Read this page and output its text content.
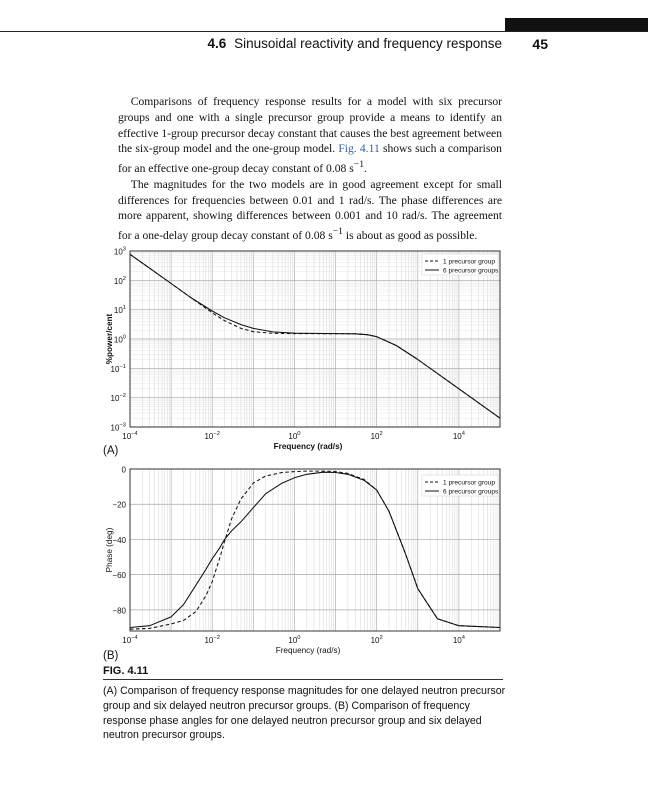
4.6 Sinusoidal reactivity and frequency response 45

Comparisons of frequency response results for a model with six precursor groups and one with a single precursor group provide a means to identify an effective 1-group precursor decay constant that causes the best agreement between the six-group model and the one-group model. Fig. 4.11 shows such a comparison for an effective one-group decay constant of 0.08 $s^{-1}$.

The magnitudes for the two models are in good agreement except for small differences for frequencies between 0.01 and 1 rad/s. The phase differences are more apparent, showing differences between 0.001 and 10 rad/s. The agreement for a one-delay group decay constant of 0.08 $s^{-1}$ is about as good as possible.

$10^3$
$10^2$
$10^1$
$10^0$
$10^{-1}$
$10^{-2}$
$10^{-3}$
$10^{-4}$	$10^{-2}$	$10^0$	$10^2$	$10^4$
Frequency (rad/s)
%power/cent
(A)
1 precursor group
6 precursor groups
0
−20
−40
−60
−80
$10^{-4}$	$10^{-2}$	$10^0$	$10^2$	$10^4$
Frequency (rad/s)
Phase (deg)
(B)
1 precursor group
6 precursor groups
FIG. 4.11
(A) Comparison of frequency response magnitudes for one delayed neutron precursor group and six delayed neutron precursor groups. (B) Comparison of frequency response phase angles for one delayed neutron precursor group and six delayed neutron precursor groups.
